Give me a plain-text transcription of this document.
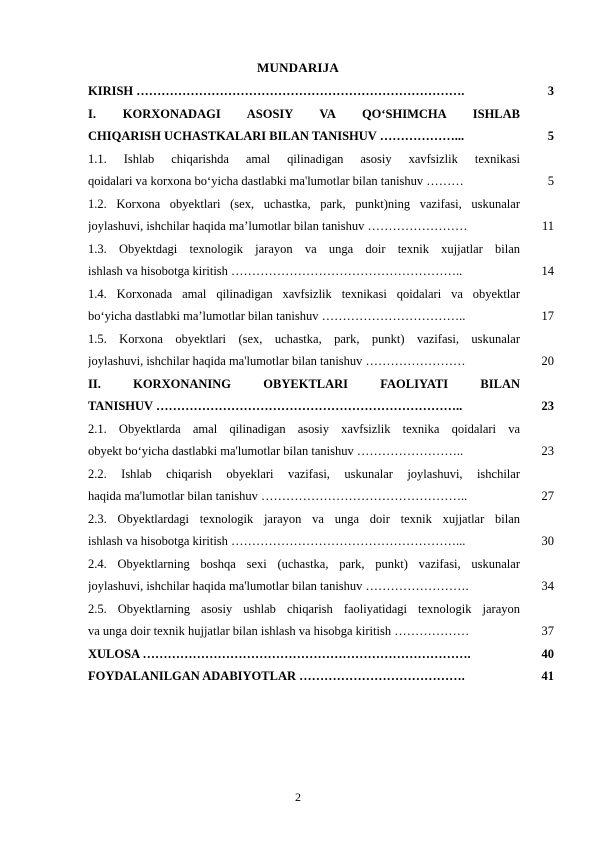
MUNDARIJA
KIRISH …………………………………………………………………….	3
I. KORXONADAGI ASOSIY VA QO‘SHIMCHA ISHLAB
CHIQARISH UCHASTKALARI BILAN TANISHUV ………………...	5
1.1. Ishlab chiqarishda amal qilinadigan asosiy xavfsizlik texnikasi
qoidalari va korxona bo‘yicha dastlabki ma'lumotlar bilan tanishuv ………	5
1.2. Korxona obyektlari (sex, uchastka, park, punkt)ning vazifasi, uskunalar
joylashuvi, ishchilar haqida ma’lumotlar bilan tanishuv ……………………	11
1.3. Obyektdagi texnologik jarayon va unga doir texnik xujjatlar bilan
ishlash va hisobotga kiritish ………………………………………………..	14
1.4. Korxonada amal qilinadigan xavfsizlik texnikasi qoidalari va obyektlar
bo‘yicha dastlabki ma’lumotlar bilan tanishuv ……………………………..	17
1.5. Korxona obyektlari (sex, uchastka, park, punkt) vazifasi, uskunalar
joylashuvi, ishchilar haqida ma'lumotlar bilan tanishuv ……………………	20
II. KORXONANING OBYEKTLARI FAOLIYATI BILAN
TANISHUV ………………………………………………………………..	23
2.1. Obyektlarda amal qilinadigan asosiy xavfsizlik texnika qoidalari va
obyekt bo‘yicha dastlabki ma'lumotlar bilan tanishuv ……………………..	23
2.2. Ishlab chiqarish obyeklari vazifasi, uskunalar joylashuvi, ishchilar
haqida ma'lumotlar bilan tanishuv …………………………………………..	27
2.3. Obyektlardagi texnologik jarayon va unga doir texnik xujjatlar bilan
ishlash va hisobotga kiritish ………………………………………………...	30
2.4. Obyektlarning boshqa sexi (uchastka, park, punkt) vazifasi, uskunalar
joylashuvi, ishchilar haqida ma'lumotlar bilan tanishuv …………………….	34
2.5. Obyektlarning asosiy ushlab chiqarish faoliyatidagi texnologik jarayon
va unga doir texnik hujjatlar bilan ishlash va hisobga kiritish ………………	37
XULOSA …………………………………………………………………….	40
FOYDALANILGAN ADABIYOTLAR ………………………………….	41
2
